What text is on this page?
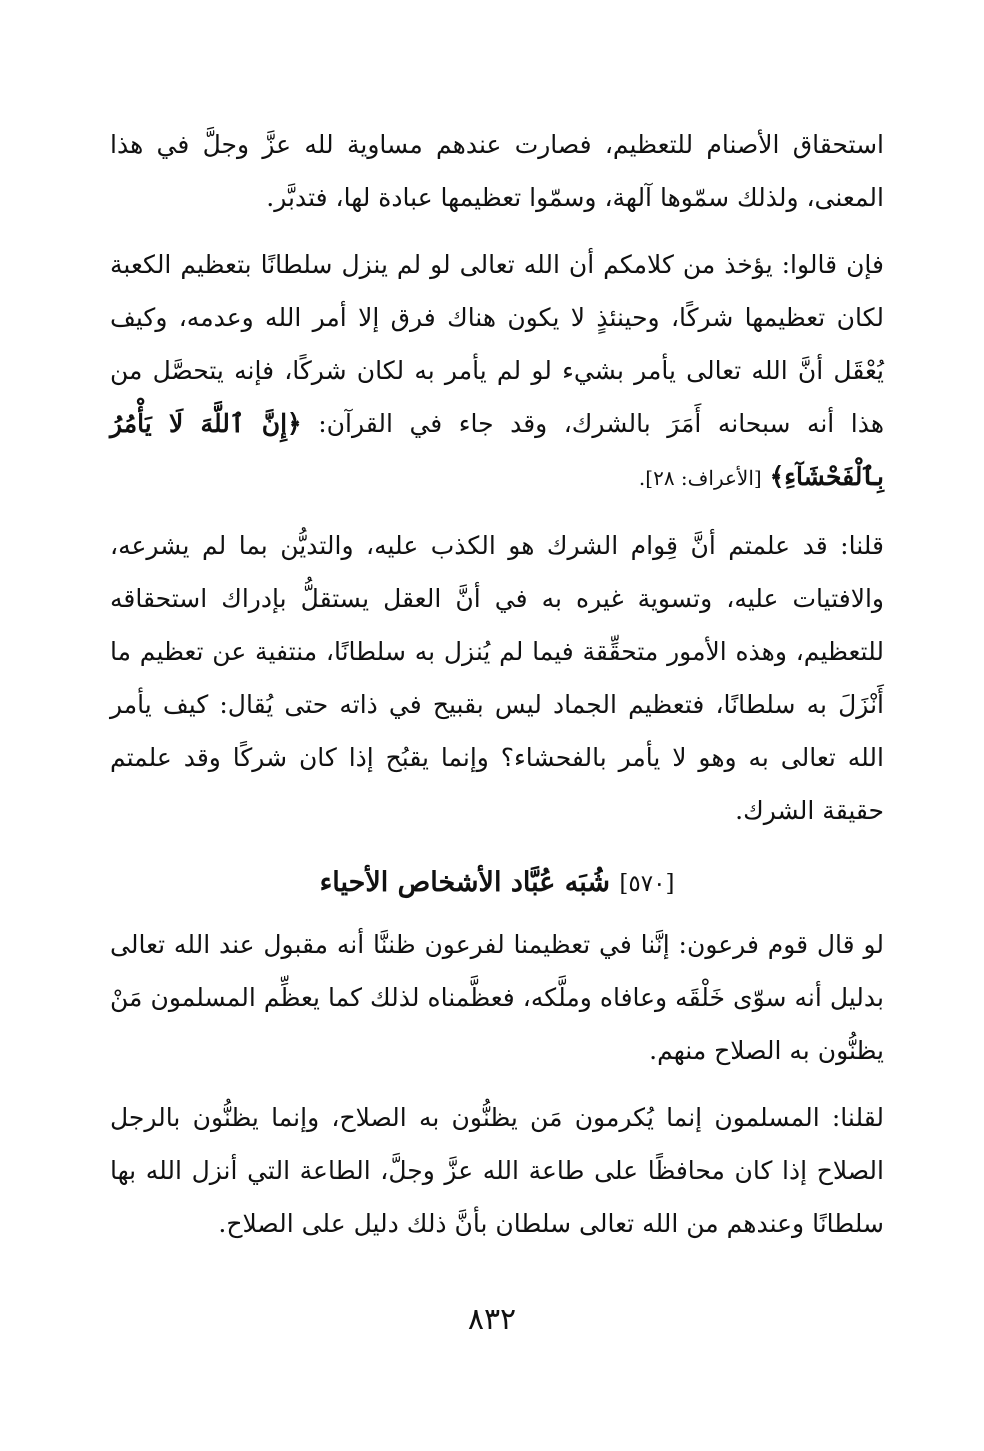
استحقاق الأصنام للتعظيم، فصارت عندهم مساوية لله عزَّ وجلَّ في هذا المعنى، ولذلك سمّوها آلهة، وسمّوا تعظيمها عبادة لها، فتدبَّر.

فإن قالوا: يؤخذ من كلامكم أن الله تعالى لو لم ينزل سلطانًا بتعظيم الكعبة لكان تعظيمها شركًا، وحينئذٍ لا يكون هناك فرق إلا أمر الله وعدمه، وكيف يُعْقَل أنَّ الله تعالى يأمر بشيء لو لم يأمر به لكان شركًا، فإنه يتحصَّل من هذا أنه سبحانه أَمَرَ بالشرك، وقد جاء في القرآن: ﴿إِنَّ ٱللَّهَ لَا يَأْمُرُ بِٱلْفَحْشَآءِ﴾ [الأعراف: ٢٨].

قلنا: قد علمتم أنَّ قِوام الشرك هو الكذب عليه، والتديُّن بما لم يشرعه، والافتيات عليه، وتسوية غيره به في أنَّ العقل يستقلُّ بإدراك استحقاقه للتعظيم، وهذه الأمور متحقِّقة فيما لم يُنزل به سلطانًا، منتفية عن تعظيم ما أَنْزَلَ به سلطانًا، فتعظيم الجماد ليس بقبيح في ذاته حتى يُقال: كيف يأمر الله تعالى به وهو لا يأمر بالفحشاء؟ وإنما يقبُح إذا كان شركًا وقد علمتم حقيقة الشرك.

[٥٧٠] شُبَه عُبَّاد الأشخاص الأحياء

لو قال قوم فرعون: إنَّنا في تعظيمنا لفرعون ظننَّا أنه مقبول عند الله تعالى بدليل أنه سوّى خَلْقَه وعافاه وملَّكه، فعظَّمناه لذلك كما يعظِّم المسلمون مَنْ يظنُّون به الصلاح منهم.

لقلنا: المسلمون إنما يُكرمون مَن يظنُّون به الصلاح، وإنما يظنُّون بالرجل الصلاح إذا كان محافظًا على طاعة الله عزَّ وجلَّ، الطاعة التي أنزل الله بها سلطانًا وعندهم من الله تعالى سلطان بأنَّ ذلك دليل على الصلاح.

٨٣٢
